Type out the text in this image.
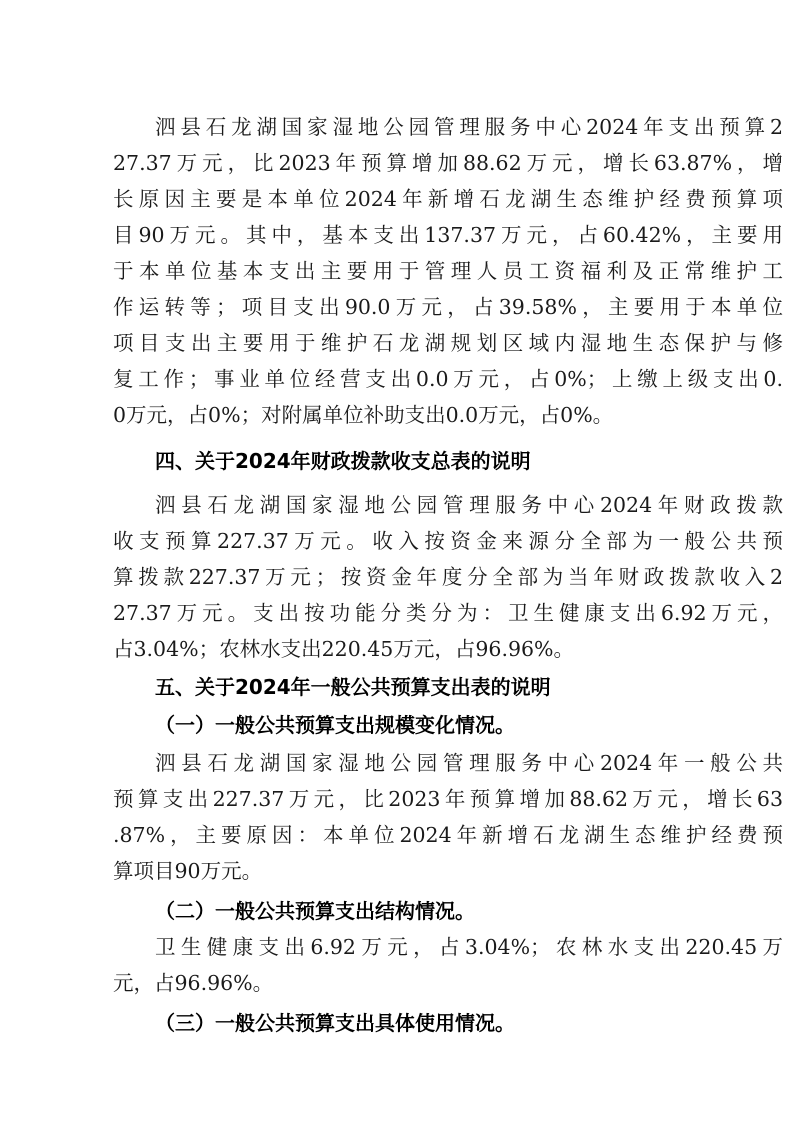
泗县石龙湖国家湿地公园管理服务中心2024年支出预算2
27.37万元，比2023年预算增加88.62万元，增长63.87%，增
长原因主要是本单位2024年新增石龙湖生态维护经费预算项
目90万元。其中，基本支出137.37万元，占60.42%，主要用
于本单位基本支出主要用于管理人员工资福利及正常维护工
作运转等；项目支出90.0万元，占39.58%，主要用于本单位
项目支出主要用于维护石龙湖规划区域内湿地生态保护与修
复工作；事业单位经营支出0.0万元，占0%；上缴上级支出0.
0万元，占0%；对附属单位补助支出0.0万元，占0%。
四、关于2024年财政拨款收支总表的说明
泗县石龙湖国家湿地公园管理服务中心2024年财政拨款
收支预算227.37万元。收入按资金来源分全部为一般公共预
算拨款227.37万元；按资金年度分全部为当年财政拨款收入2
27.37万元。支出按功能分类分为：卫生健康支出6.92万元，
占3.04%；农林水支出220.45万元，占96.96%。
五、关于2024年一般公共预算支出表的说明
（一）一般公共预算支出规模变化情况。
泗县石龙湖国家湿地公园管理服务中心2024年一般公共
预算支出227.37万元，比2023年预算增加88.62万元，增长63
.87%，主要原因：本单位2024年新增石龙湖生态维护经费预
算项目90万元。
（二）一般公共预算支出结构情况。
卫生健康支出6.92万元，占3.04%；农林水支出220.45万
元，占96.96%。
（三）一般公共预算支出具体使用情况。
